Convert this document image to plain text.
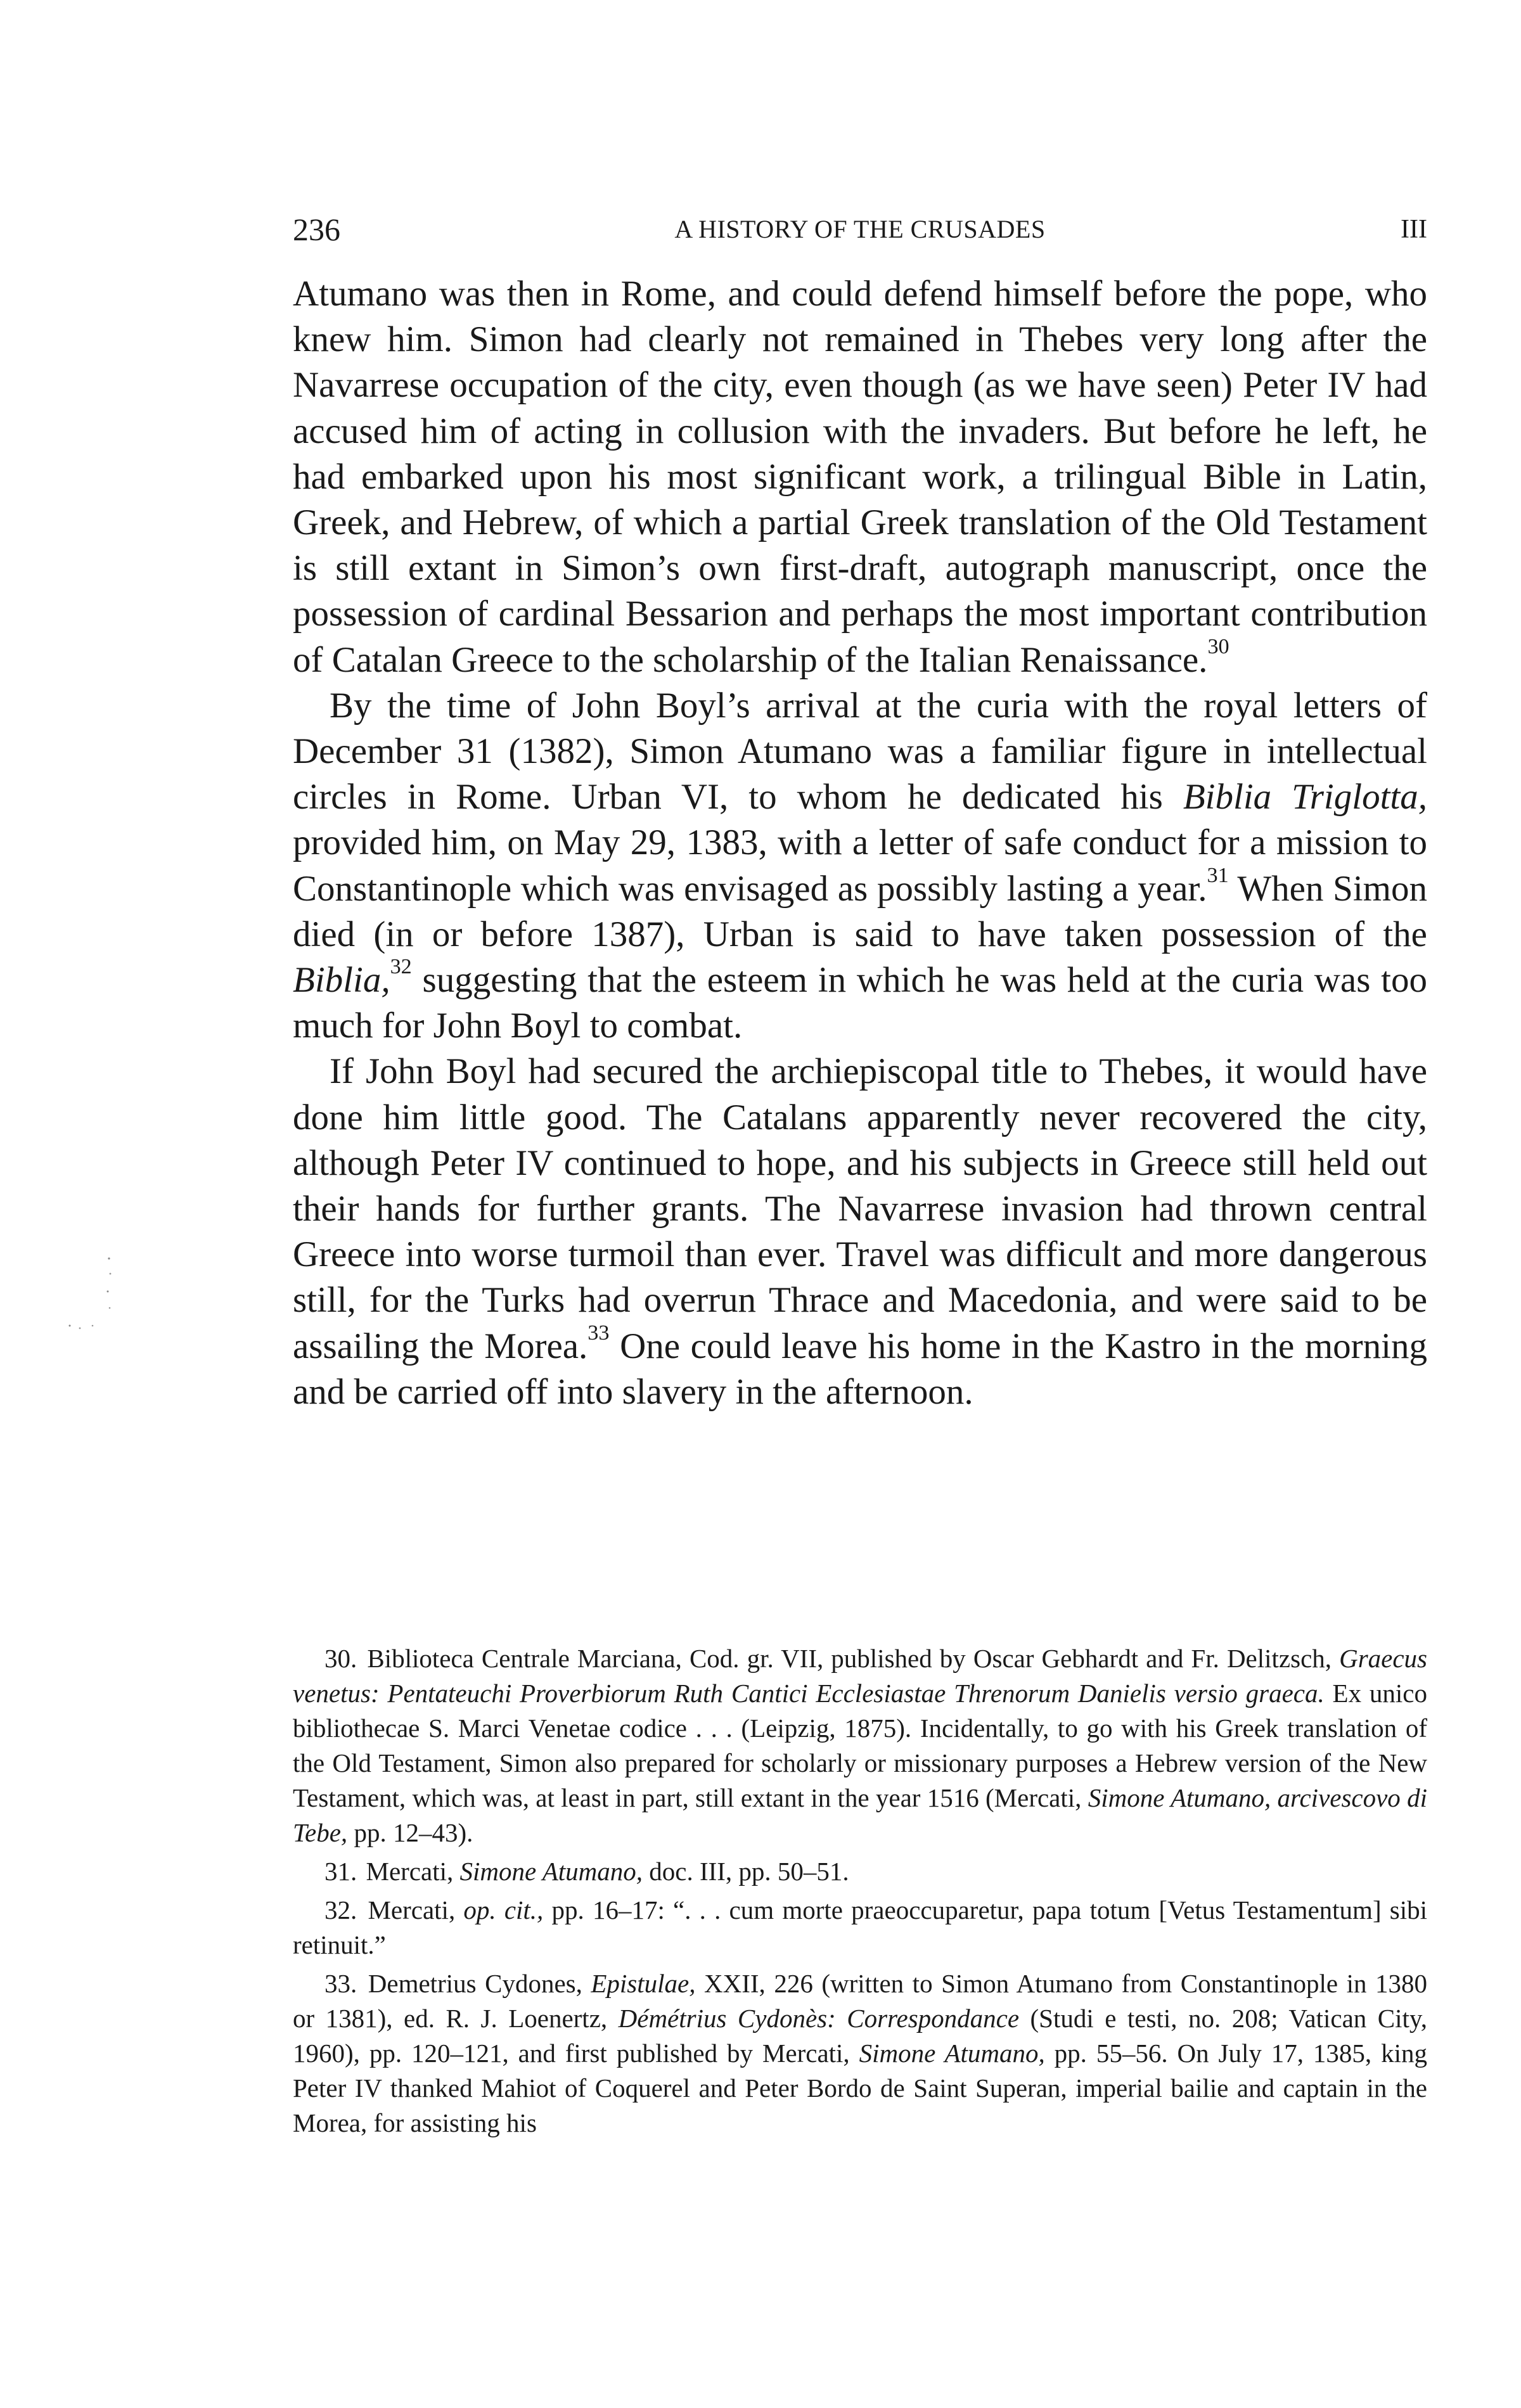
236	A HISTORY OF THE CRUSADES	III

Atumano was then in Rome, and could defend himself before the pope, who knew him. Simon had clearly not remained in Thebes very long after the Navarrese occupation of the city, even though (as we have seen) Peter IV had accused him of acting in collusion with the invaders. But before he left, he had embarked upon his most significant work, a trilingual Bible in Latin, Greek, and Hebrew, of which a partial Greek translation of the Old Testament is still extant in Simon’s own first-draft, autograph manuscript, once the possession of cardinal Bessarion and perhaps the most important contribution of Catalan Greece to the scholarship of the Italian Renaissance.$^{30}$

By the time of John Boyl’s arrival at the curia with the royal letters of December 31 (1382), Simon Atumano was a familiar figure in intellectual circles in Rome. Urban VI, to whom he dedicated his Biblia Triglotta, provided him, on May 29, 1383, with a letter of safe conduct for a mission to Constantinople which was envisaged as possibly lasting a year.$^{31}$ When Simon died (in or before 1387), Urban is said to have taken possession of the Biblia,$^{32}$ suggesting that the esteem in which he was held at the curia was too much for John Boyl to combat.

If John Boyl had secured the archiepiscopal title to Thebes, it would have done him little good. The Catalans apparently never recovered the city, although Peter IV continued to hope, and his subjects in Greece still held out their hands for further grants. The Navarrese invasion had thrown central Greece into worse turmoil than ever. Travel was difficult and more dangerous still, for the Turks had overrun Thrace and Macedonia, and were said to be assailing the Morea.$^{33}$ One could leave his home in the Kastro in the morning and be carried off into slavery in the afternoon.

30. Biblioteca Centrale Marciana, Cod. gr. VII, published by Oscar Gebhardt and Fr. Delitzsch, Graecus venetus: Pentateuchi Proverbiorum Ruth Cantici Ecclesiastae Threnorum Danielis versio graeca. Ex unico bibliothecae S. Marci Venetae codice . . . (Leipzig, 1875). Incidentally, to go with his Greek translation of the Old Testament, Simon also prepared for scholarly or missionary purposes a Hebrew version of the New Testament, which was, at least in part, still extant in the year 1516 (Mercati, Simone Atumano, arcivescovo di Tebe, pp. 12–43).

31. Mercati, Simone Atumano, doc. III, pp. 50–51.

32. Mercati, op. cit., pp. 16–17: “. . . cum morte praeoccuparetur, papa totum [Vetus Testamentum] sibi retinuit.”

33. Demetrius Cydones, Epistulae, XXII, 226 (written to Simon Atumano from Constantinople in 1380 or 1381), ed. R. J. Loenertz, Démétrius Cydonès: Correspondance (Studi e testi, no. 208; Vatican City, 1960), pp. 120–121, and first published by Mercati, Simone Atumano, pp. 55–56. On July 17, 1385, king Peter IV thanked Mahiot of Coquerel and Peter Bordo de Saint Superan, imperial bailie and captain in the Morea, for assisting his
